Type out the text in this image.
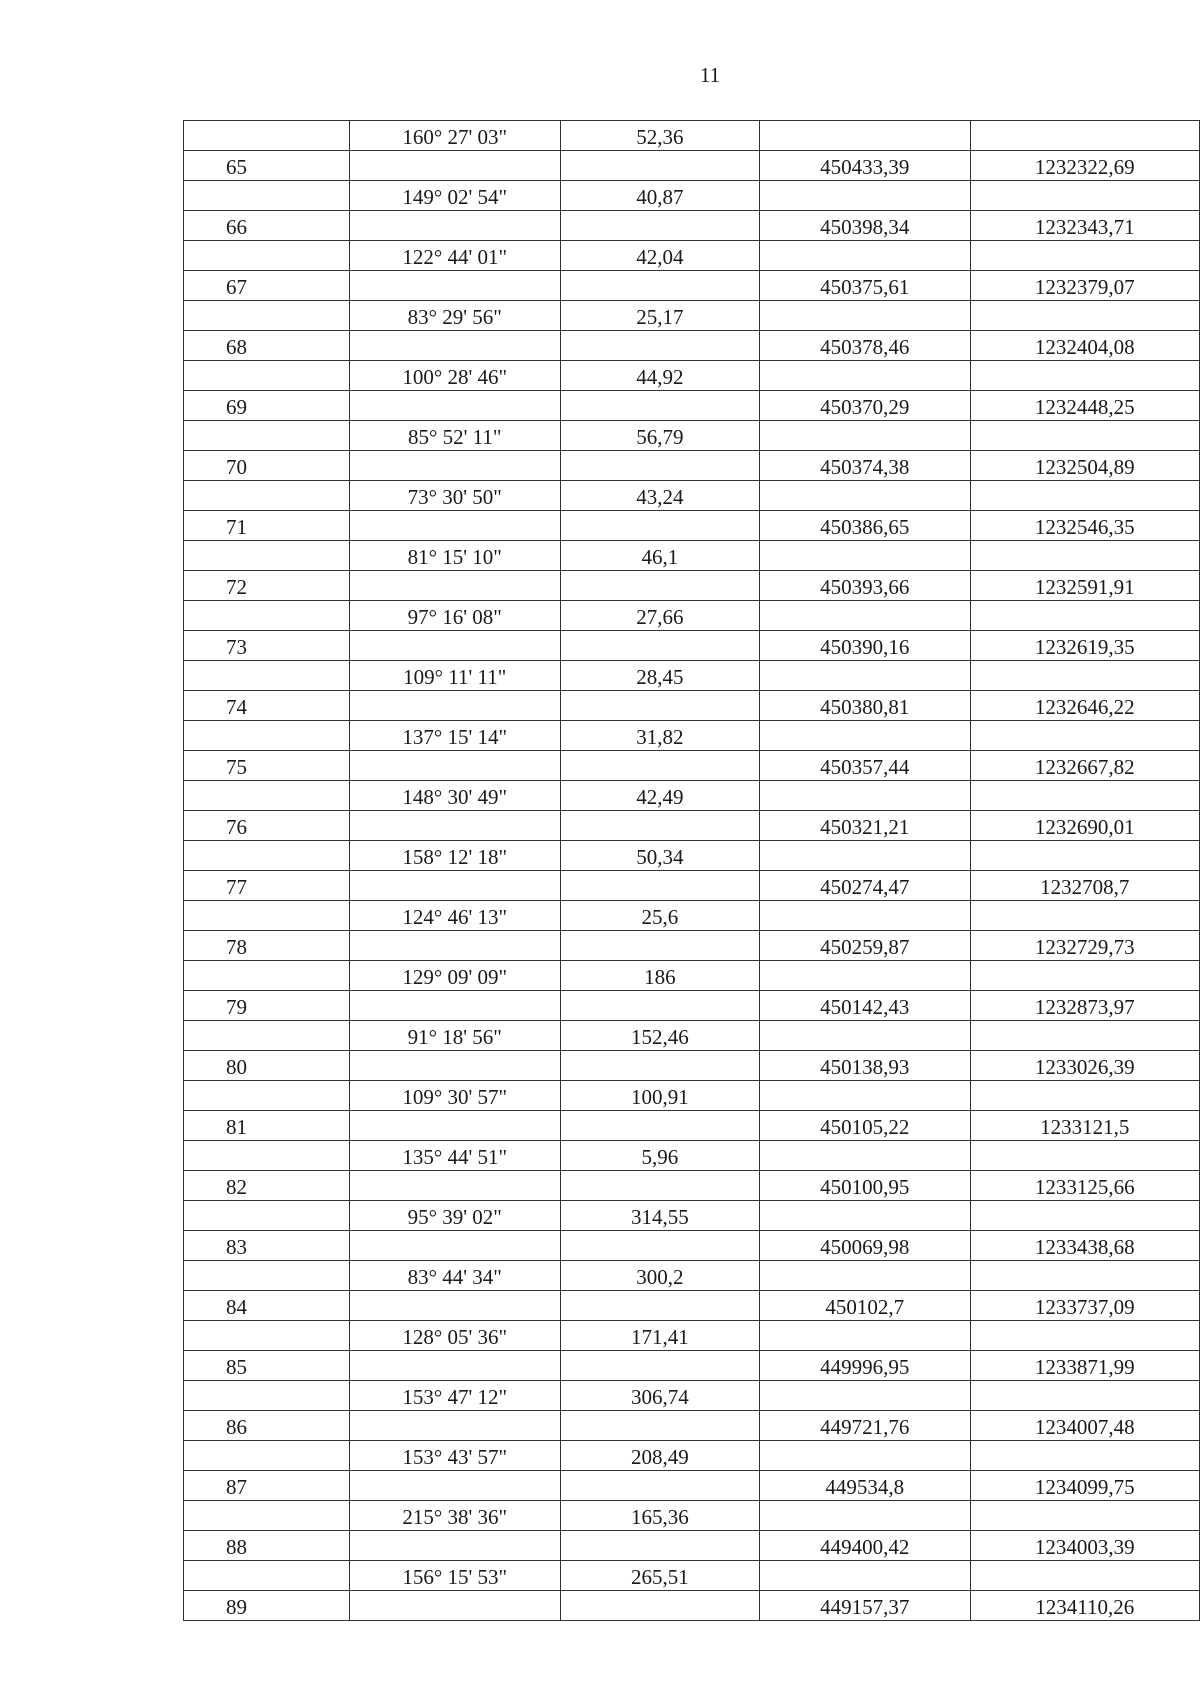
11
	160° 27' 03"	52,36		
65			450433,39	1232322,69
	149° 02' 54"	40,87		
66			450398,34	1232343,71
	122° 44' 01"	42,04		
67			450375,61	1232379,07
	83° 29' 56"	25,17		
68			450378,46	1232404,08
	100° 28' 46"	44,92		
69			450370,29	1232448,25
	85° 52' 11"	56,79		
70			450374,38	1232504,89
	73° 30' 50"	43,24		
71			450386,65	1232546,35
	81° 15' 10"	46,1		
72			450393,66	1232591,91
	97° 16' 08"	27,66		
73			450390,16	1232619,35
	109° 11' 11"	28,45		
74			450380,81	1232646,22
	137° 15' 14"	31,82		
75			450357,44	1232667,82
	148° 30' 49"	42,49		
76			450321,21	1232690,01
	158° 12' 18"	50,34		
77			450274,47	1232708,7
	124° 46' 13"	25,6		
78			450259,87	1232729,73
	129° 09' 09"	186		
79			450142,43	1232873,97
	91° 18' 56"	152,46		
80			450138,93	1233026,39
	109° 30' 57"	100,91		
81			450105,22	1233121,5
	135° 44' 51"	5,96		
82			450100,95	1233125,66
	95° 39' 02"	314,55		
83			450069,98	1233438,68
	83° 44' 34"	300,2		
84			450102,7	1233737,09
	128° 05' 36"	171,41		
85			449996,95	1233871,99
	153° 47' 12"	306,74		
86			449721,76	1234007,48
	153° 43' 57"	208,49		
87			449534,8	1234099,75
	215° 38' 36"	165,36		
88			449400,42	1234003,39
	156° 15' 53"	265,51		
89			449157,37	1234110,26
